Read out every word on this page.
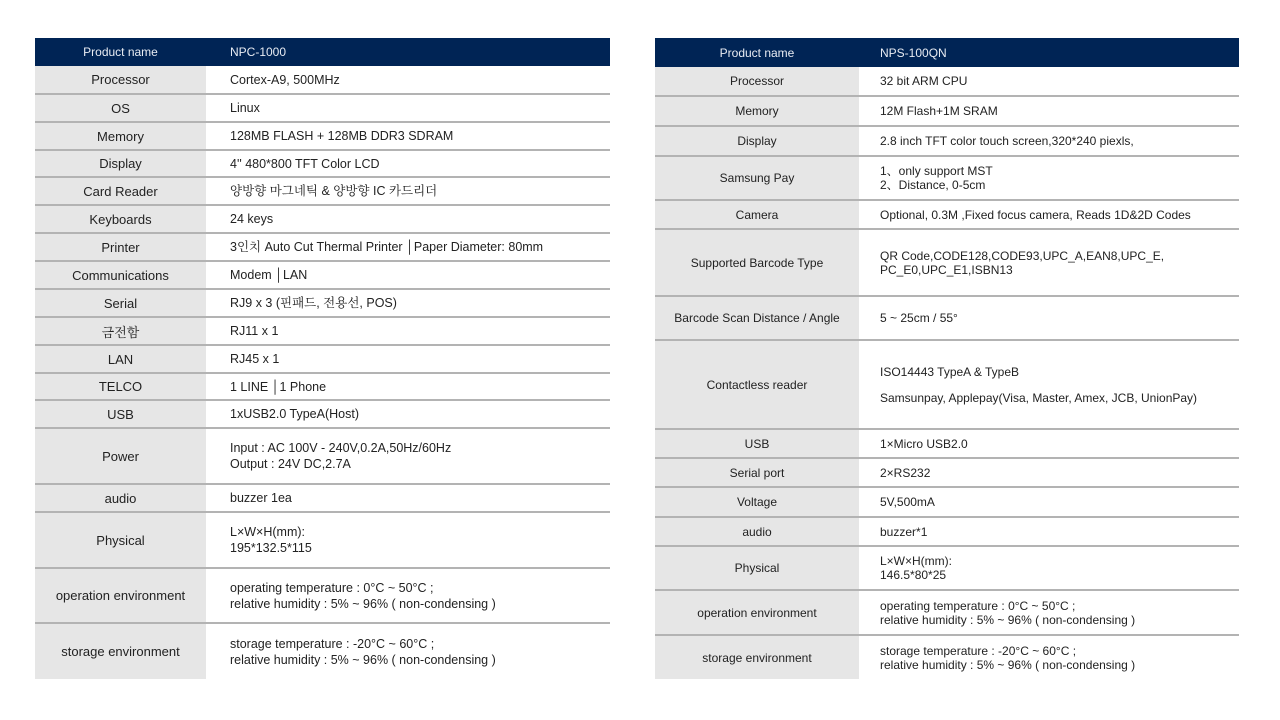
Product name	NPC-1000
Processor	Cortex-A9, 500MHz

OS	Linux

Memory	128MB FLASH + 128MB DDR3 SDRAM

Display	4'' 480*800 TFT Color LCD

Card Reader	양방향 마그네틱 & 양방향 IC 카드리더

Keyboards	24 keys

Printer	3인치 Auto Cut Thermal Printer │Paper Diameter: 80mm

Communications	Modem │LAN

Serial	RJ9 x 3 (핀패드, 전용선, POS)

금전함	RJ11 x 1

LAN	RJ45 x 1

TELCO	1 LINE │1 Phone

USB	1xUSB2.0 TypeA(Host)

Power	Input : AC 100V - 240V,0.2A,50Hz/60Hz
Output : 24V DC,2.7A

audio	buzzer 1ea

Physical	L×W×H(mm):
195*132.5*115

operation environment	operating temperature : 0°C ~ 50°C ;
relative humidity : 5% ~ 96% ( non-condensing )

storage environment	storage temperature : -20°C ~ 60°C ;
relative humidity : 5% ~ 96% ( non-condensing )
Product name	NPS-100QN
Processor	32 bit ARM CPU

Memory	12M Flash+1M SRAM

Display	2.8 inch TFT color touch screen,320*240 piexls,

Samsung Pay	1、only support MST
2、Distance, 0-5cm

Camera	Optional, 0.3M ,Fixed focus camera, Reads 1D&2D Codes

Supported Barcode Type	QR Code,CODE128,CODE93,UPC_A,EAN8,UPC_E,
PC_E0,UPC_E1,ISBN13

Barcode Scan Distance / Angle	5 ~ 25cm / 55°

Contactless reader	ISO14443 TypeA & TypeB
Samsunpay, Applepay(Visa, Master, Amex, JCB, UnionPay)

USB	1×Micro USB2.0

Serial port	2×RS232

Voltage	5V,500mA

audio	buzzer*1

Physical	L×W×H(mm):
146.5*80*25

operation environment	operating temperature : 0°C ~ 50°C ;
relative humidity : 5% ~ 96% ( non-condensing )

storage environment	storage temperature : -20°C ~ 60°C ;
relative humidity : 5% ~ 96% ( non-condensing )
